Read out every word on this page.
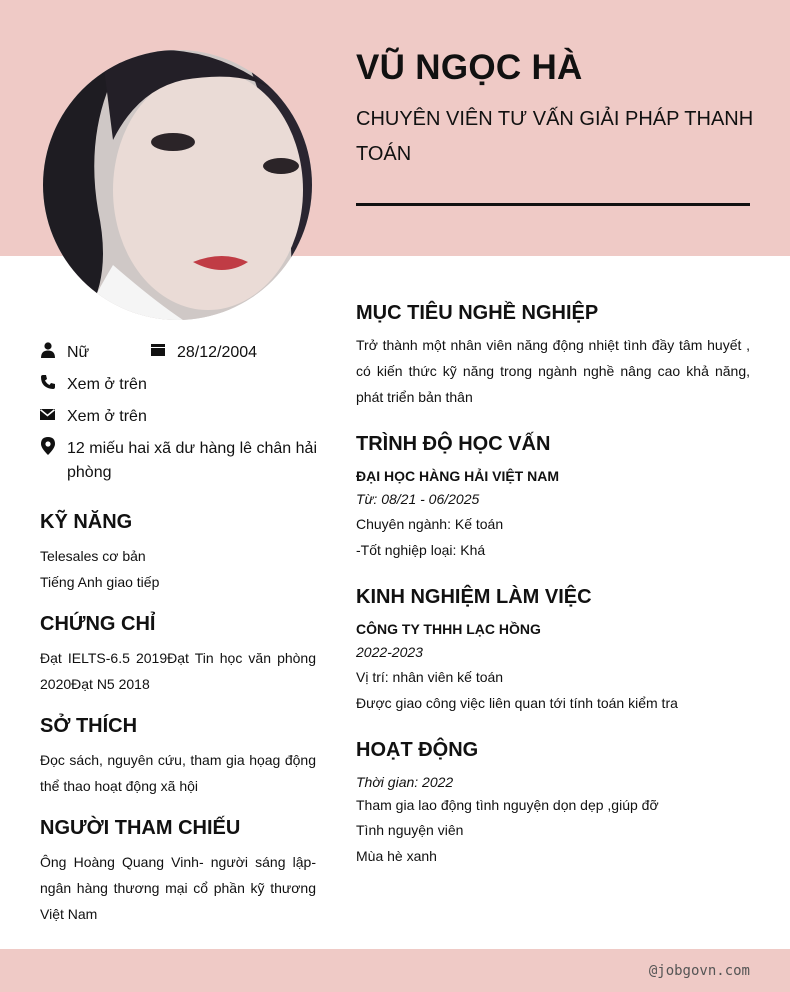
VŨ NGỌC HÀ

CHUYÊN VIÊN TƯ VẤN GIẢI PHÁP THANH TOÁN

Nữ	28/12/2004
Xem ở trên
Xem ở trên
12 miếu hai xã dư hàng lê chân hải phòng
KỸ NĂNG
Telesales cơ bản
Tiếng Anh giao tiếp
CHỨNG CHỈ
Đạt IELTS-6.5 2019Đạt Tin học văn phòng 2020Đạt N5 2018
SỞ THÍCH
Đọc sách, nguyên cứu, tham gia họag động thể thao hoạt động xã hội
NGƯỜI THAM CHIẾU
Ông Hoàng Quang Vinh- người sáng lập- ngân hàng thương mại cổ phần kỹ thương Việt Nam
MỤC TIÊU NGHỀ NGHIỆP
Trở thành một nhân viên năng động nhiệt tình đầy tâm huyết , có kiến thức kỹ năng trong ngành nghề nâng cao khả năng, phát triển bản thân
TRÌNH ĐỘ HỌC VẤN
ĐẠI HỌC HÀNG HẢI VIỆT NAM
Từ: 08/21 - 06/2025
Chuyên ngành: Kế toán
-Tốt nghiệp loại: Khá
KINH NGHIỆM LÀM VIỆC
CÔNG TY THHH LẠC HỒNG
2022-2023
Vị trí: nhân viên kế toán
Được giao công việc liên quan tới tính toán kiểm tra
HOẠT ĐỘNG
Thời gian: 2022
Tham gia lao động tình nguyện dọn dẹp ,giúp đỡ
Tình nguyện viên
Mùa hè xanh
@jobgovn.com
